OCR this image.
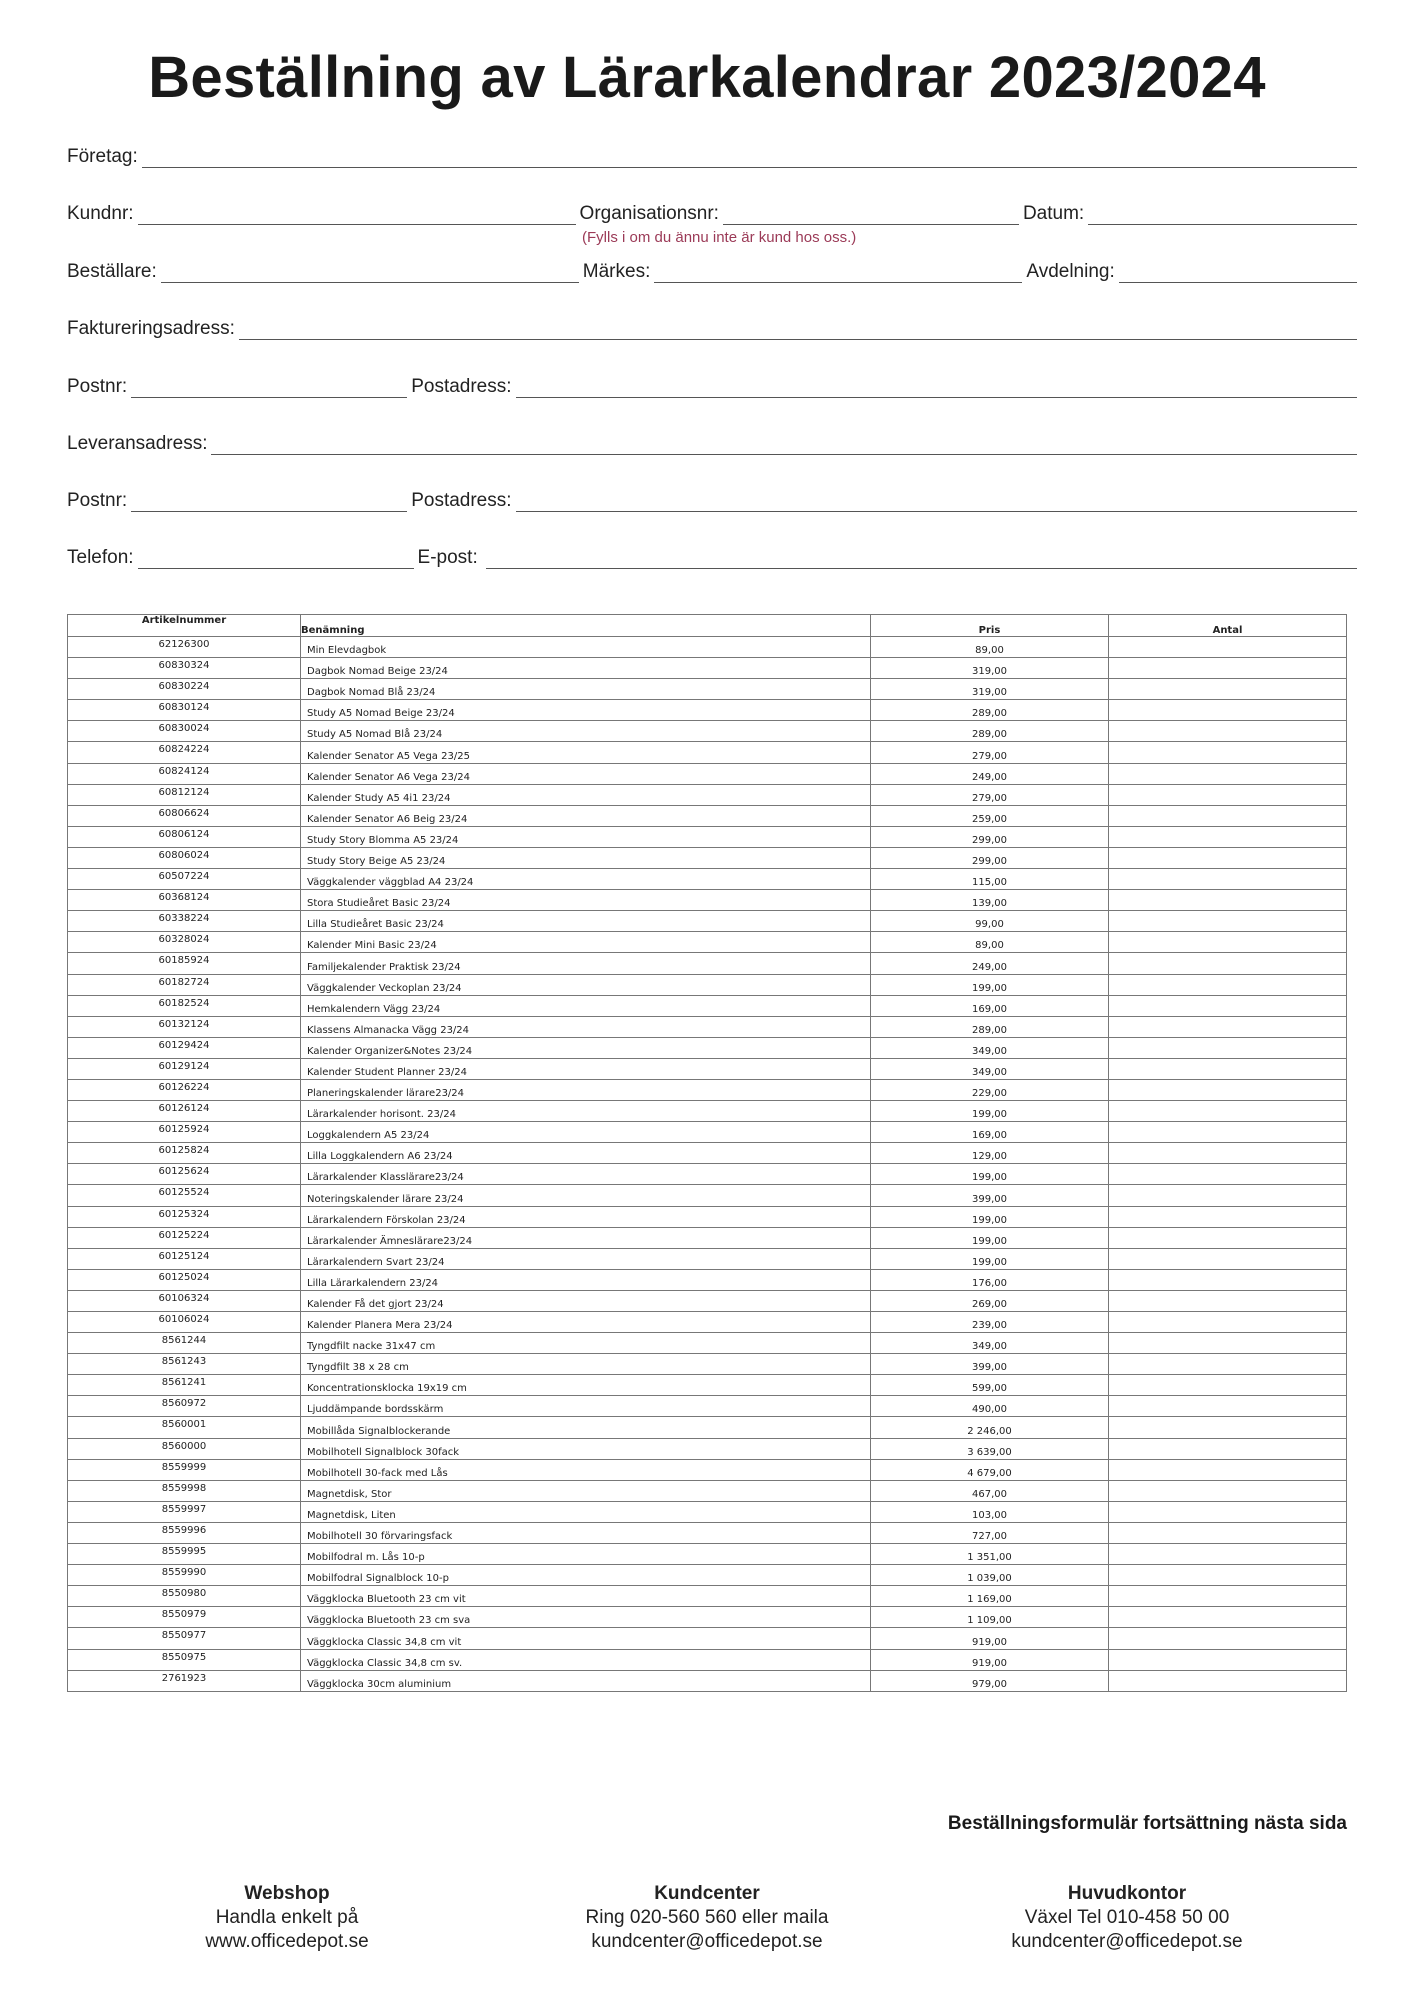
Beställning av Lärarkalendrar 2023/2024
Företag:
Kundnr:	Organisationsnr:	Datum:
(Fylls i om du ännu inte är kund hos oss.)
Beställare:	Märkes:	Avdelning:
Faktureringsadress:
Postnr:	Postadress:
Leveransadress:
Postnr:	Postadress:
Telefon:	E-post:
Artikelnummer	Benämning	Pris	Antal
62126300	Min Elevdagbok	89,00	
60830324	Dagbok Nomad Beige 23/24	319,00	
60830224	Dagbok Nomad Blå 23/24	319,00	
60830124	Study A5 Nomad Beige 23/24	289,00	
60830024	Study A5 Nomad Blå 23/24	289,00	
60824224	Kalender Senator A5 Vega 23/25	279,00	
60824124	Kalender Senator A6 Vega 23/24	249,00	
60812124	Kalender Study A5 4i1 23/24	279,00	
60806624	Kalender Senator A6 Beig 23/24	259,00	
60806124	Study Story Blomma A5 23/24	299,00	
60806024	Study Story Beige A5 23/24	299,00	
60507224	Väggkalender väggblad A4 23/24	115,00	
60368124	Stora Studieåret Basic 23/24	139,00	
60338224	Lilla Studieåret Basic 23/24	99,00	
60328024	Kalender Mini Basic 23/24	89,00	
60185924	Familjekalender Praktisk 23/24	249,00	
60182724	Väggkalender Veckoplan 23/24	199,00	
60182524	Hemkalendern Vägg 23/24	169,00	
60132124	Klassens Almanacka Vägg 23/24	289,00	
60129424	Kalender Organizer&Notes 23/24	349,00	
60129124	Kalender Student Planner 23/24	349,00	
60126224	Planeringskalender lärare23/24	229,00	
60126124	Lärarkalender horisont. 23/24	199,00	
60125924	Loggkalendern A5 23/24	169,00	
60125824	Lilla Loggkalendern A6 23/24	129,00	
60125624	Lärarkalender Klasslärare23/24	199,00	
60125524	Noteringskalender lärare 23/24	399,00	
60125324	Lärarkalendern Förskolan 23/24	199,00	
60125224	Lärarkalender Ämneslärare23/24	199,00	
60125124	Lärarkalendern Svart 23/24	199,00	
60125024	Lilla Lärarkalendern 23/24	176,00	
60106324	Kalender Få det gjort 23/24	269,00	
60106024	Kalender Planera Mera 23/24	239,00	
8561244	Tyngdfilt nacke 31x47 cm	349,00	
8561243	Tyngdfilt 38 x 28 cm	399,00	
8561241	Koncentrationsklocka 19x19 cm	599,00	
8560972	Ljuddämpande bordsskärm	490,00	
8560001	Mobillåda Signalblockerande	2 246,00	
8560000	Mobilhotell Signalblock 30fack	3 639,00	
8559999	Mobilhotell 30-fack med Lås	4 679,00	
8559998	Magnetdisk, Stor	467,00	
8559997	Magnetdisk, Liten	103,00	
8559996	Mobilhotell 30 förvaringsfack	727,00	
8559995	Mobilfodral m. Lås 10-p	1 351,00	
8559990	Mobilfodral Signalblock 10-p	1 039,00	
8550980	Väggklocka Bluetooth 23 cm vit	1 169,00	
8550979	Väggklocka Bluetooth 23 cm sva	1 109,00	
8550977	Väggklocka Classic 34,8 cm vit	919,00	
8550975	Väggklocka Classic 34,8 cm sv.	919,00	
2761923	Väggklocka 30cm aluminium	979,00	
Beställningsformulär fortsättning nästa sida
Webshop
Handla enkelt på
www.officedepot.se
Kundcenter
Ring 020-560 560 eller maila
kundcenter@officedepot.se
Huvudkontor
Växel Tel 010-458 50 00
kundcenter@officedepot.se
